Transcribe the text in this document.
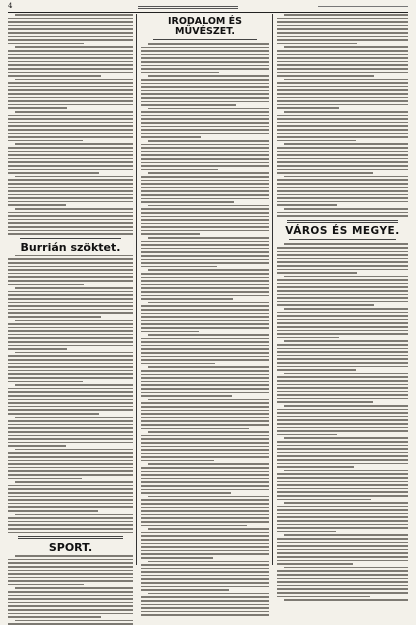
4
Burrián szöktet.
SPORT.
IRODALOM ÉS MŰVÉSZET.
VÁROS ÉS MEGYE.
